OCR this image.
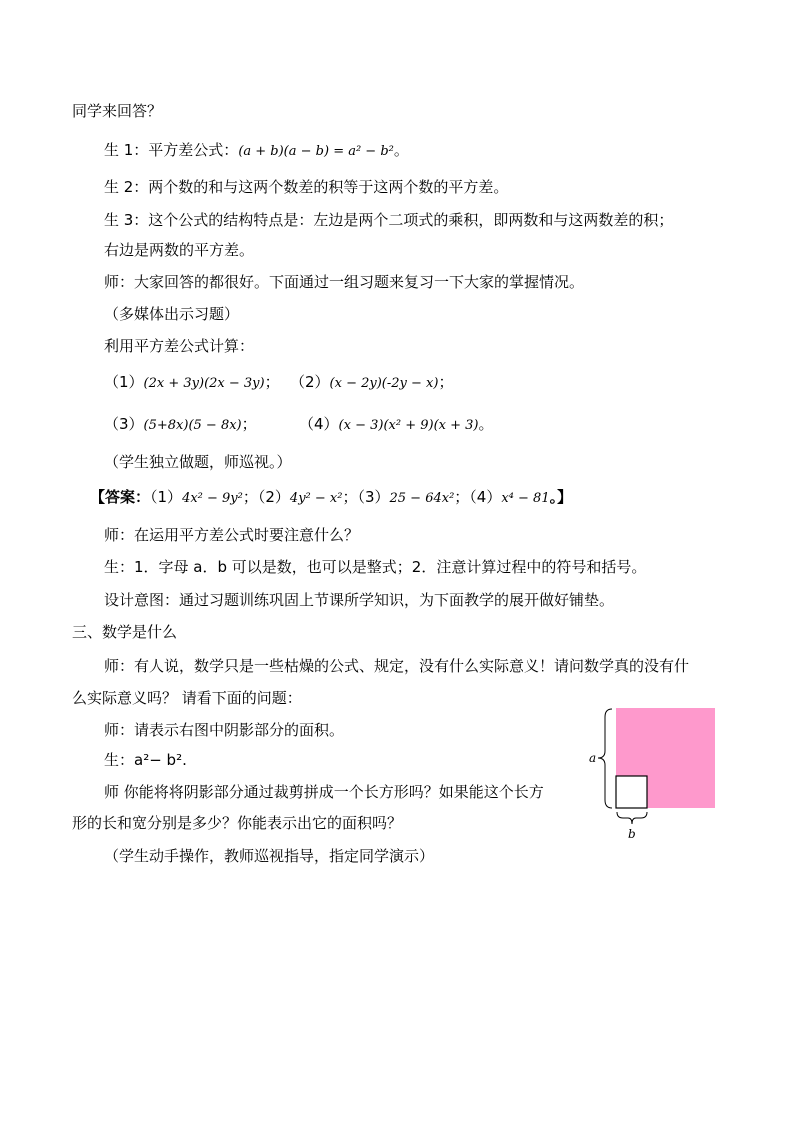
同学来回答？
生 1：平方差公式：(a + b)(a − b) = a² − b²。
生 2：两个数的和与这两个数差的积等于这两个数的平方差。
生 3：这个公式的结构特点是：左边是两个二项式的乘积，即两数和与这两数差的积；
右边是两数的平方差。
师：大家回答的都很好。下面通过一组习题来复习一下大家的掌握情况。
（多媒体出示习题）
利用平方差公式计算：
（1）(2x + 3y)(2x − 3y)； （2）(x − 2y)(-2y − x)；
（3）(5+8x)(5 − 8x)；	（4）(x − 3)(x² + 9)(x + 3)。
（学生独立做题，师巡视。）
【答案：（1）4x² − 9y²；（2）4y² − x²；（3）25 − 64x²；（4）x⁴ − 81。】
师：在运用平方差公式时要注意什么？
生：1．字母 a．b 可以是数，也可以是整式；2．注意计算过程中的符号和括号。
设计意图：通过习题训练巩固上节课所学知识，为下面教学的展开做好铺垫。
三、数学是什么
师：有人说，数学只是一些枯燥的公式、规定，没有什么实际意义！请问数学真的没有什
么实际意义吗？ 请看下面的问题：
师：请表示右图中阴影部分的面积。
生：a²− b².
师 你能将将阴影部分通过裁剪拼成一个长方形吗？如果能这个长方
形的长和宽分别是多少？你能表示出它的面积吗？
（学生动手操作，教师巡视指导，指定同学演示）
a
b
